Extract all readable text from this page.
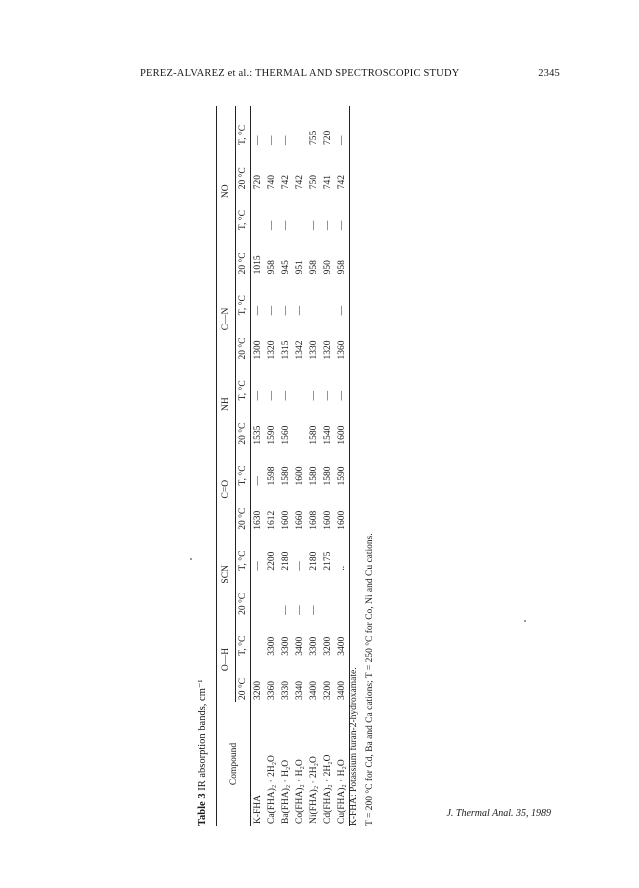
PEREZ-ALVAREZ et al.: THERMAL AND SPECTROSCOPIC STUDY	2345
Table 3 IR absorption bands, cm⁻¹ Compound	O—H		SCN		C=O		NH		C—N		NO			
	20 °C	T, °C	20 °C	T, °C	20 °C	T, °C	20 °C	T, °C	20 °C	T, °C	20 °C	T, °C	20 °C	T, °C
K-FHA	3200			—	1630	—	1535	—	1300	—	1015		720	—
Ca(FHA)₂ · 2H₂O	3360	3300		2200	1612	1598	1590	—	1320	—	958	—	740	—
Ba(FHA)₂ · H₂O	3330	3300	—	2180	1600	1580	1560	—	1315	—	945	—	742	—
Co(FHA)₂ · H₂O	3340	3400	—	—	1660	1600			1342	—	951		742	
Ni(FHA)₂ · 2H₂O	3400	3300	—	2180	1608	1580	1580	—	1330		958	—	750	755
Cd(FHA)₂ · 2H₂O	3200	3200		2175	1600	1580	1540	—	1320		950	—	741	720
Cu(FHA)₂ · H₂O	3400	3400		..	1600	1590	1600	—	1360	—	958	—	742	—
K-FHA: Potassium furan-2-hydroxamate. T = 200 °C for Cd, Ba and Ca cations; T = 250 °C for Co, Ni and Cu cations.	J. Thermal Anal. 35, 1989
